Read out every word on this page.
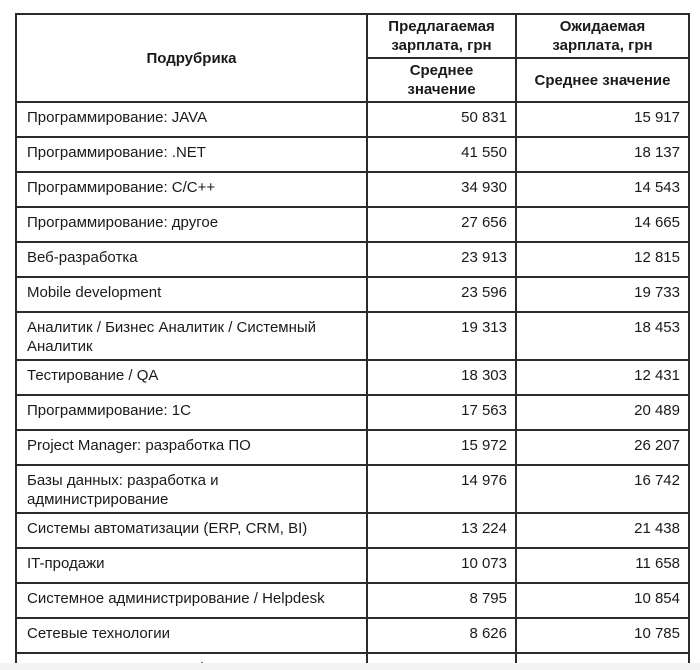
Подрубрика	Предлагаемая зарплата, грн	Ожидаемая зарплата, грн
	Среднее значение	Среднее значение
Программирование: JAVA	50 831	15 917
Программирование: .NET	41 550	18 137
Программирование: C/C++	34 930	14 543
Программирование: другое	27 656	14 665
Веб-разработка	23 913	12 815
Mobile development	23 596	19 733
Аналитик / Бизнес Аналитик / Системный Аналитик	19 313	18 453
Тестирование / QA	18 303	12 431
Программирование: 1С	17 563	20 489
Project Manager: разработка ПО	15 972	26 207
Базы данных: разработка и администрирование	14 976	16 742
Системы автоматизации (ERP, CRM, BI)	13 224	21 438
IT-продажи	10 073	11 658
Системное администрирование / Helpdesk	8 795	10 854
Сетевые технологии	8 626	10 785
